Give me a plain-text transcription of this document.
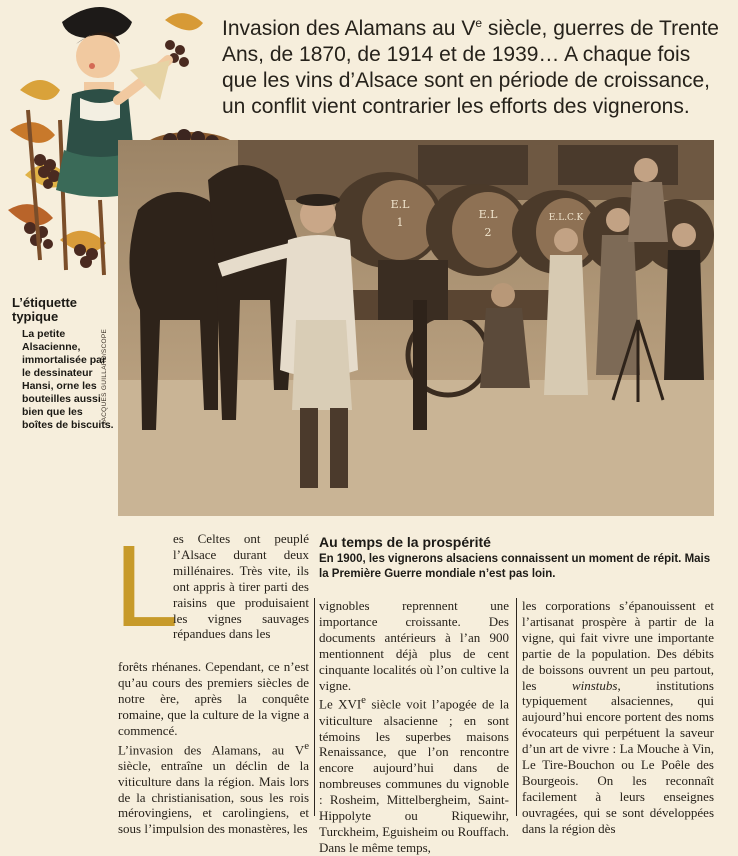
Invasion des Alamans au Ve siècle, guerres de Trente Ans, de 1870, de 1914 et de 1939… A chaque fois que les vins d’Alsace sont en période de croissance, un conflit vient contrarier les efforts des vignerons.

E.L
1
E.L
2
E.L.C.K
JACQUES GUILLARD/SCOPE
L’étiquette typique

La petite Alsacienne, immortalisée par le dessinateur Hansi, orne les bouteilles aussi bien que les boîtes de biscuits.

Au temps de la prospérité

En 1900, les vignerons alsaciens connaissent un moment de répit. Mais la Première Guerre mondiale n’est pas loin.

L

es Celtes ont peuplé l’Alsace durant deux millénaires. Très vite, ils ont appris à tirer parti des raisins que produisaient les vignes sauvages répandues dans les

forêts rhénanes. Cependant, ce n’est qu’au cours des premiers siècles de notre ère, après la conquête romaine, que la culture de la vigne a commencé.

L’invasion des Alamans, au Ve siècle, entraîne un déclin de la viticulture dans la région. Mais lors de la christianisation, sous les rois mérovingiens, et carolingiens, et sous l’impulsion des monastères, les

vignobles reprennent une importance croissante. Des documents antérieurs à l’an 900 mentionnent déjà plus de cent cinquante localités où l’on cultive la vigne.

Le XVIe siècle voit l’apogée de la viticulture alsacienne ; en sont témoins les superbes maisons Renaissance, que l’on rencontre encore aujourd’hui dans de nombreuses communes du vignoble : Rosheim, Mittelbergheim, Saint-Hippolyte ou Riquewihr, Turckheim, Eguisheim ou Rouffach. Dans le même temps,

les corporations s’épanouissent et l’artisanat prospère à partir de la vigne, qui fait vivre une importante partie de la population. Des débits de boissons ouvrent un peu partout, les winstubs, institutions typiquement alsaciennes, qui aujourd’hui encore portent des noms évocateurs qui perpétuent la saveur d’un art de vivre : La Mouche à Vin, Le Tire-Bouchon ou Le Poêle des Bourgeois. On les reconnaît facilement à leurs enseignes ouvragées, qui se sont développées dans la région dès
